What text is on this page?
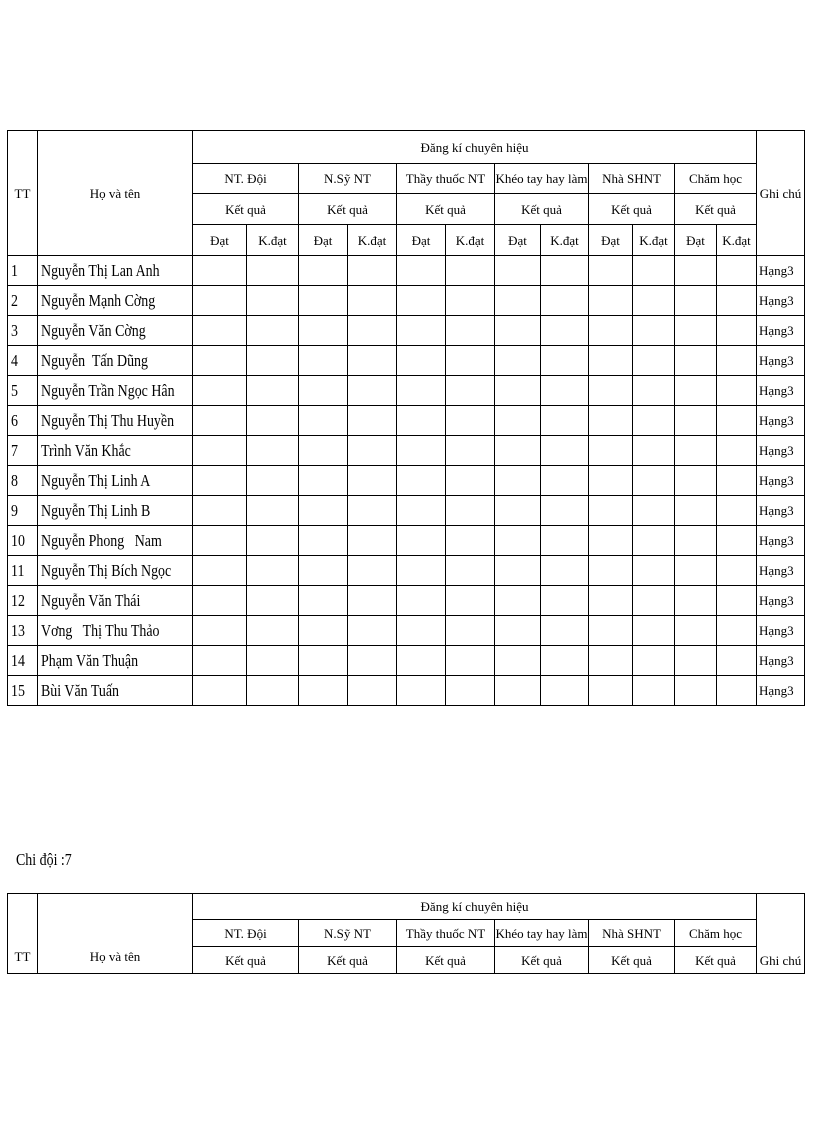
TT	Họ và tên	Đăng kí chuyên hiệu												Ghi chú
		NT. Đội		N.Sỹ NT		Thầy thuốc NT		Khéo tay hay làm		Nhà SHNT		Chăm học		
		Kết quả		Kết quả		Kết quả		Kết quả		Kết quả		Kết quả		
		Đạt	K.đạt	Đạt	K.đạt	Đạt	K.đạt	Đạt	K.đạt	Đạt	K.đạt	Đạt	K.đạt	
1	Nguyễn Thị Lan Anh													Hạng3
2	Nguyễn Mạnh Cờng													Hạng3
3	Nguyễn Văn Cờng													Hạng3
4	Nguyễn  Tấn Dũng													Hạng3
5	Nguyễn Trần Ngọc Hân													Hạng3
6	Nguyễn Thị Thu Huyền													Hạng3
7	Trình Văn Khắc													Hạng3
8	Nguyễn Thị Linh A													Hạng3
9	Nguyễn Thị Linh B													Hạng3
10	Nguyễn Phong   Nam													Hạng3
11	Nguyễn Thị Bích Ngọc													Hạng3
12	Nguyễn Văn Thái													Hạng3
13	Vơng   Thị Thu Thảo													Hạng3
14	Phạm Văn Thuận													Hạng3
15	Bùi Văn Tuấn													Hạng3
Chi đội :7
TT	Họ và tên	Đăng kí chuyên hiệu						Ghi chú
		NT. Đội	N.Sỹ NT	Thầy thuốc NT	Khéo tay hay làm	Nhà SHNT	Chăm học	
		Kết quả	Kết quả	Kết quả	Kết quả	Kết quả	Kết quả	
